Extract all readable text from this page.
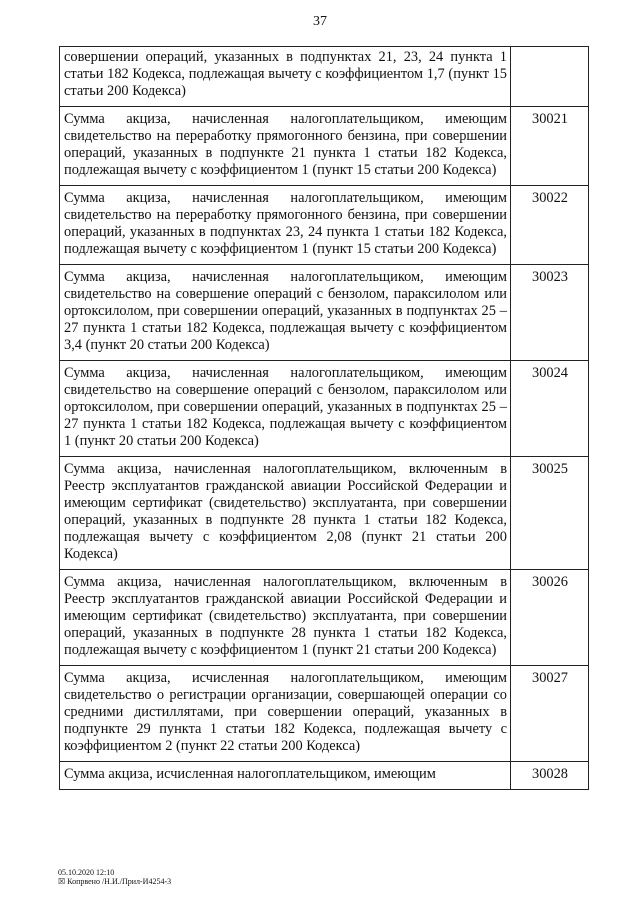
37
совершении операций, указанных в подпунктах 21, 23, 24 пункта 1 статьи 182 Кодекса, подлежащая вычету с коэффициентом 1,7 (пункт 15 статьи 200 Кодекса)	
Сумма акциза, начисленная налогоплательщиком, имеющим свидетельство на переработку прямогонного бензина, при совершении операций, указанных в подпункте 21 пункта 1 статьи 182 Кодекса, подлежащая вычету с коэффициентом 1 (пункт 15 статьи 200 Кодекса)	30021
Сумма акциза, начисленная налогоплательщиком, имеющим свидетельство на переработку прямогонного бензина, при совершении операций, указанных в подпунктах 23, 24 пункта 1 статьи 182 Кодекса, подлежащая вычету с коэффициентом 1 (пункт 15 статьи 200 Кодекса)	30022
Сумма акциза, начисленная налогоплательщиком, имеющим свидетельство на совершение операций с бензолом, параксилолом или ортоксилолом, при совершении операций, указанных в подпунктах 25 – 27 пункта 1 статьи 182 Кодекса, подлежащая вычету с коэффициентом 3,4 (пункт 20 статьи 200 Кодекса)	30023
Сумма акциза, начисленная налогоплательщиком, имеющим свидетельство на совершение операций с бензолом, параксилолом или ортоксилолом, при совершении операций, указанных в подпунктах 25 – 27 пункта 1 статьи 182 Кодекса, подлежащая вычету с коэффициентом 1 (пункт 20 статьи 200 Кодекса)	30024
Сумма акциза, начисленная налогоплательщиком, включенным в Реестр эксплуатантов гражданской авиации Российской Федерации и имеющим сертификат (свидетельство) эксплуатанта, при совершении операций, указанных в подпункте 28 пункта 1 статьи 182 Кодекса, подлежащая вычету с коэффициентом 2,08 (пункт 21 статьи 200 Кодекса)	30025
Сумма акциза, начисленная налогоплательщиком, включенным в Реестр эксплуатантов гражданской авиации Российской Федерации и имеющим сертификат (свидетельство) эксплуатанта, при совершении операций, указанных в подпункте 28 пункта 1 статьи 182 Кодекса, подлежащая вычету с коэффициентом 1 (пункт 21 статьи 200 Кодекса)	30026
Сумма акциза, исчисленная налогоплательщиком, имеющим свидетельство о регистрации организации, совершающей операции со средними дистиллятами, при совершении операций, указанных в подпункте 29 пункта 1 статьи 182 Кодекса, подлежащая вычету с коэффициентом 2 (пункт 22 статьи 200 Кодекса)	30027
Сумма акциза, исчисленная налогоплательщиком, имеющим	30028
05.10.2020 12:10
☒ Копрвено /Н.И./Прил-И4254-3
